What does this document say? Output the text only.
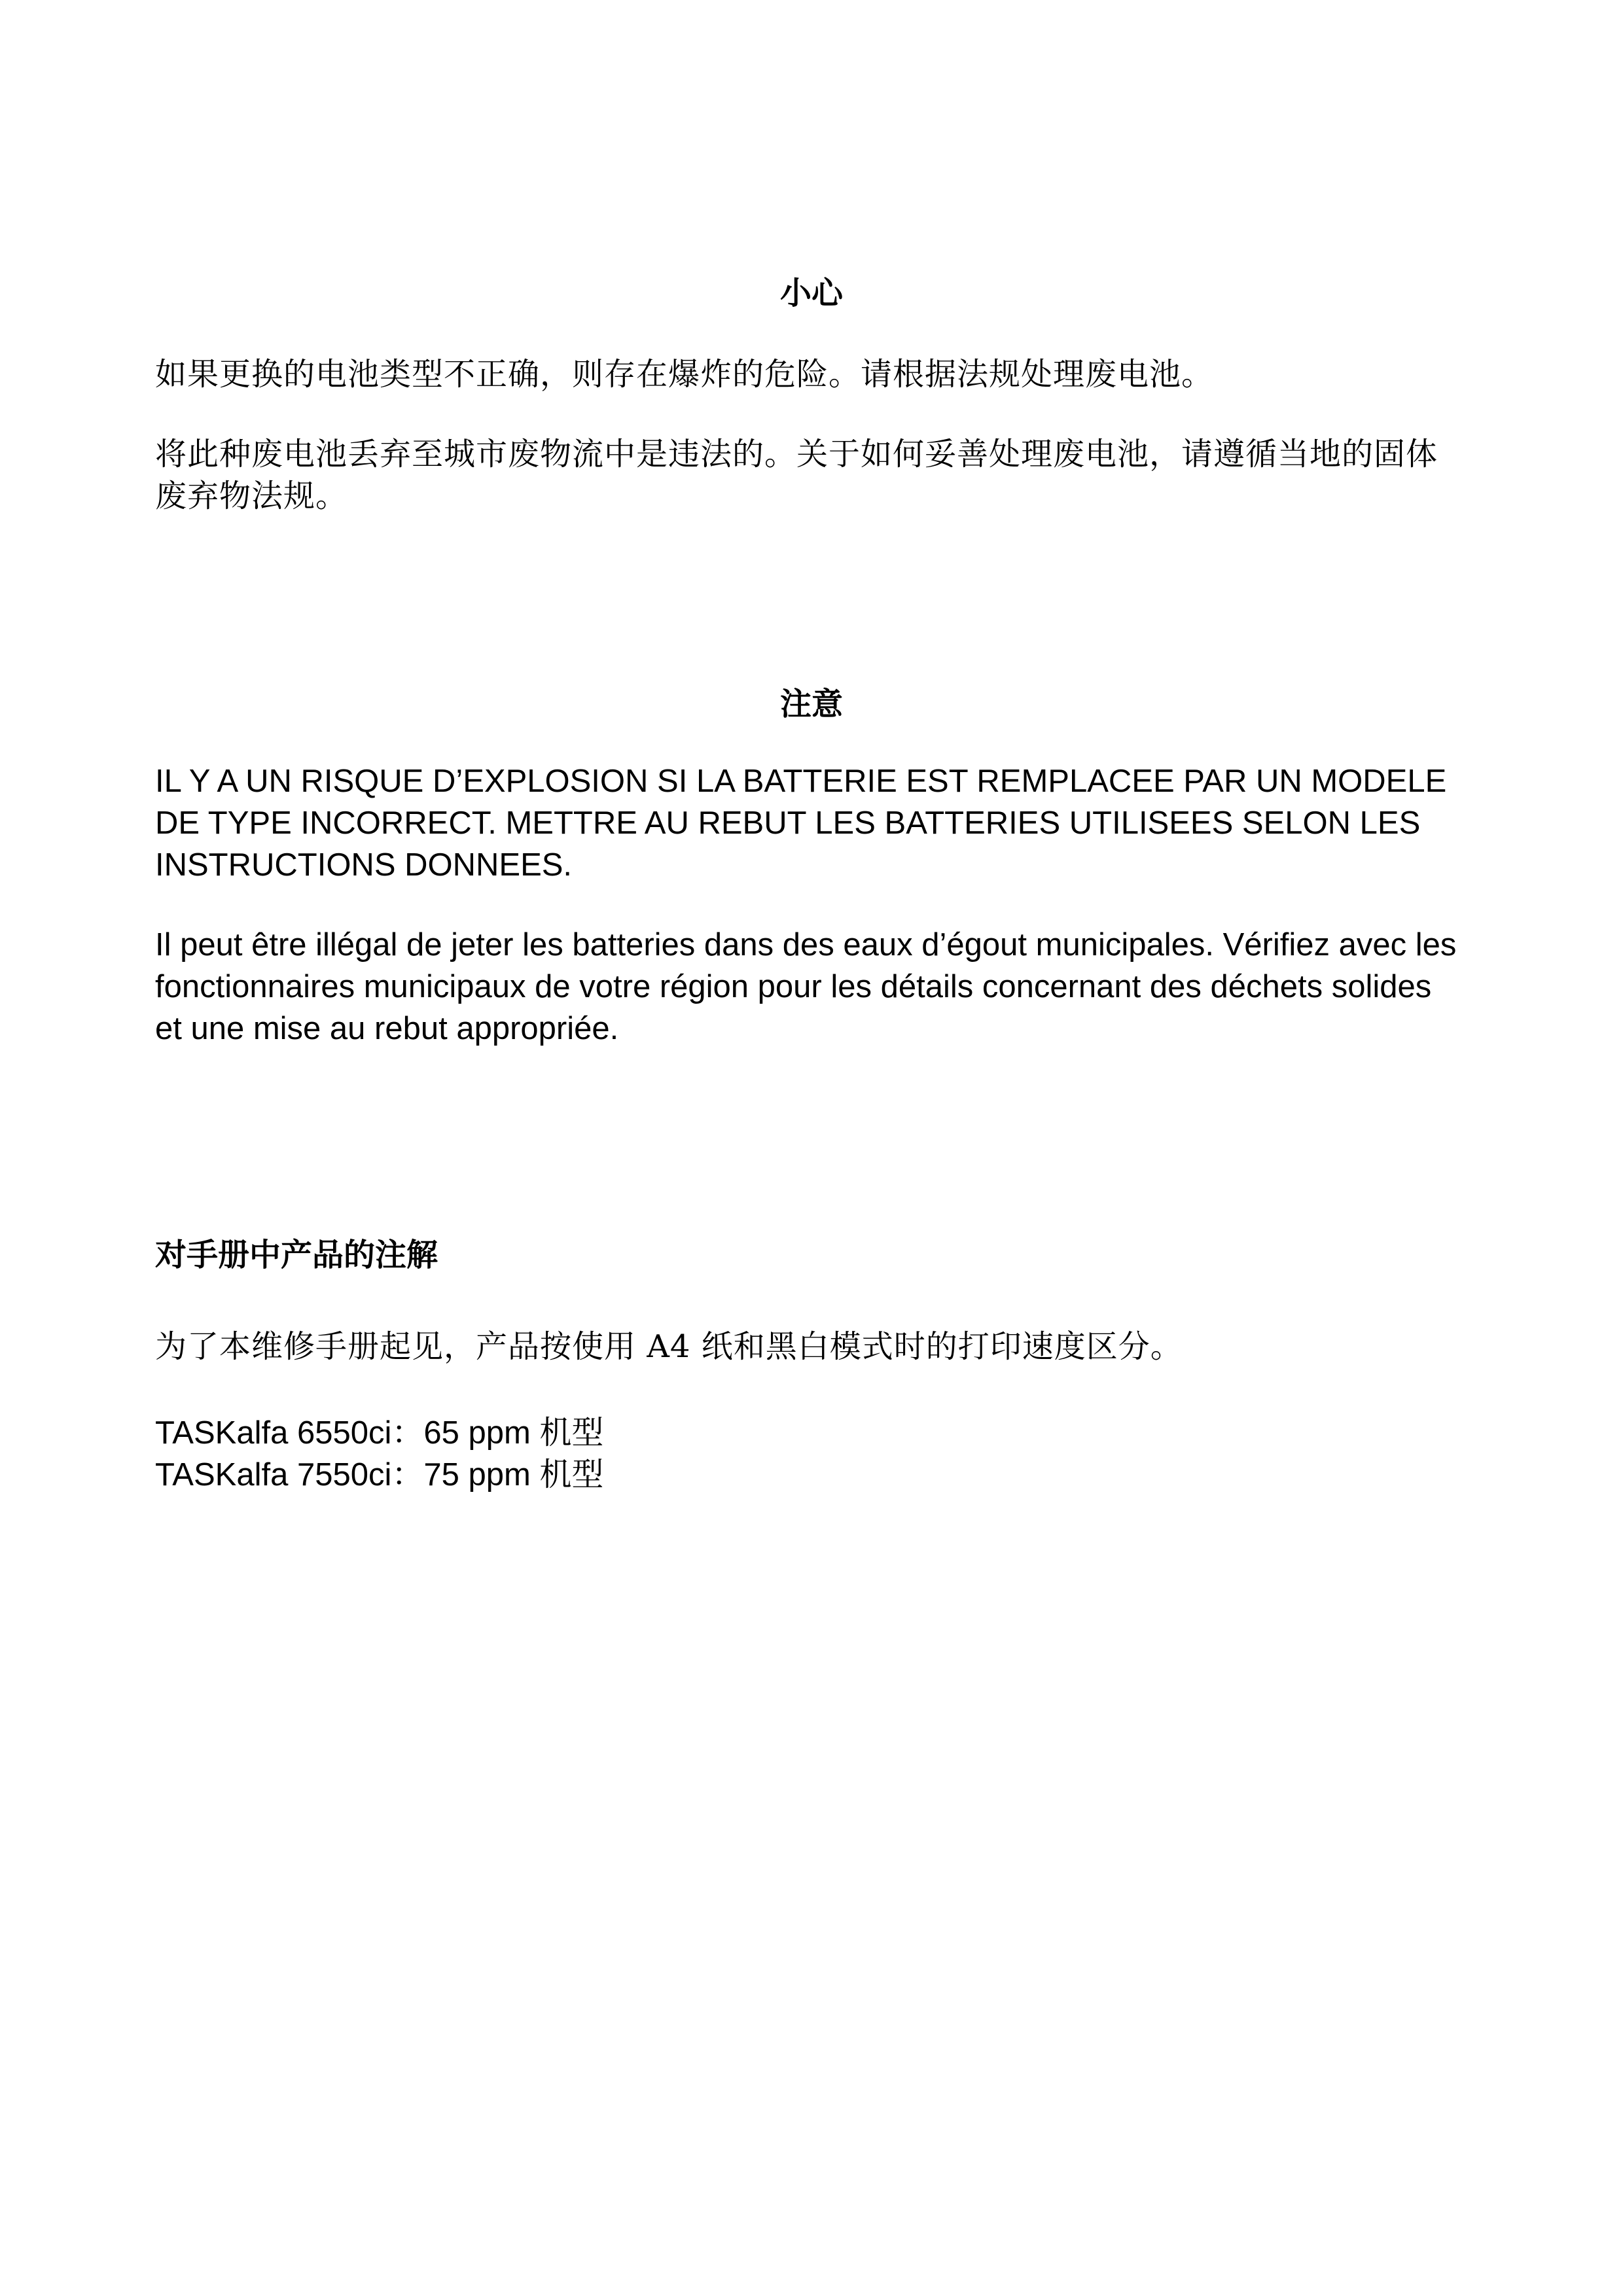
小心

如果更换的电池类型不正确，则存在爆炸的危险。请根据法规处理废电池。

将此种废电池丢弃至城市废物流中是违法的。关于如何妥善处理废电池，请遵循当地的固体
废弃物法规。

注意

IL Y A UN RISQUE D’EXPLOSION SI LA BATTERIE EST REMPLACEE PAR UN MODELE
DE TYPE INCORRECT. METTRE AU REBUT LES BATTERIES UTILISEES SELON LES
INSTRUCTIONS DONNEES.

Il peut être illégal de jeter les batteries dans des eaux d’égout municipales. Vérifiez avec les
fonctionnaires municipaux de votre région pour les détails concernant des déchets solides
et une mise au rebut appropriée.

对手册中产品的注解

为了本维修手册起见，产品按使用 A4 纸和黑白模式时的打印速度区分。

TASKalfa 6550ci：65 ppm 机型
TASKalfa 7550ci：75 ppm 机型
